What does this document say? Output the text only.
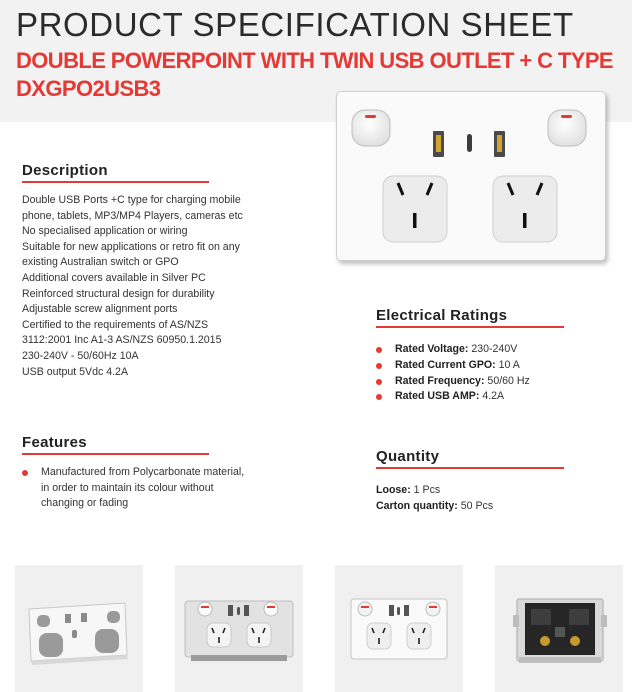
PRODUCT SPECIFICATION SHEET
DOUBLE POWERPOINT WITH TWIN USB OUTLET + C TYPE
DXGPO2USB3
Description
Double USB Ports +C type for charging mobile
phone, tablets, MP3/MP4 Players, cameras etc
No specialised application or wiring
Suitable for new applications or retro fit on any
existing Australian switch or GPO
Additional covers available in Silver PC
Reinforced structural design for durability
Adjustable screw alignment ports
Certified to the requirements of AS/NZS
3112:2001 Inc A1-3 AS/NZS 60950.1.2015
230-240V - 50/60Hz 10A
USB output 5Vdc 4.2A
Features
Manufactured from Polycarbonate material,
in order to maintain its colour without
changing or fading
Electrical Ratings
Rated Voltage: 230-240V
Rated Current GPO: 10 A
Rated Frequency: 50/60 Hz
Rated USB AMP: 4.2A
Quantity
Loose: 1 Pcs
Carton quantity: 50 Pcs
